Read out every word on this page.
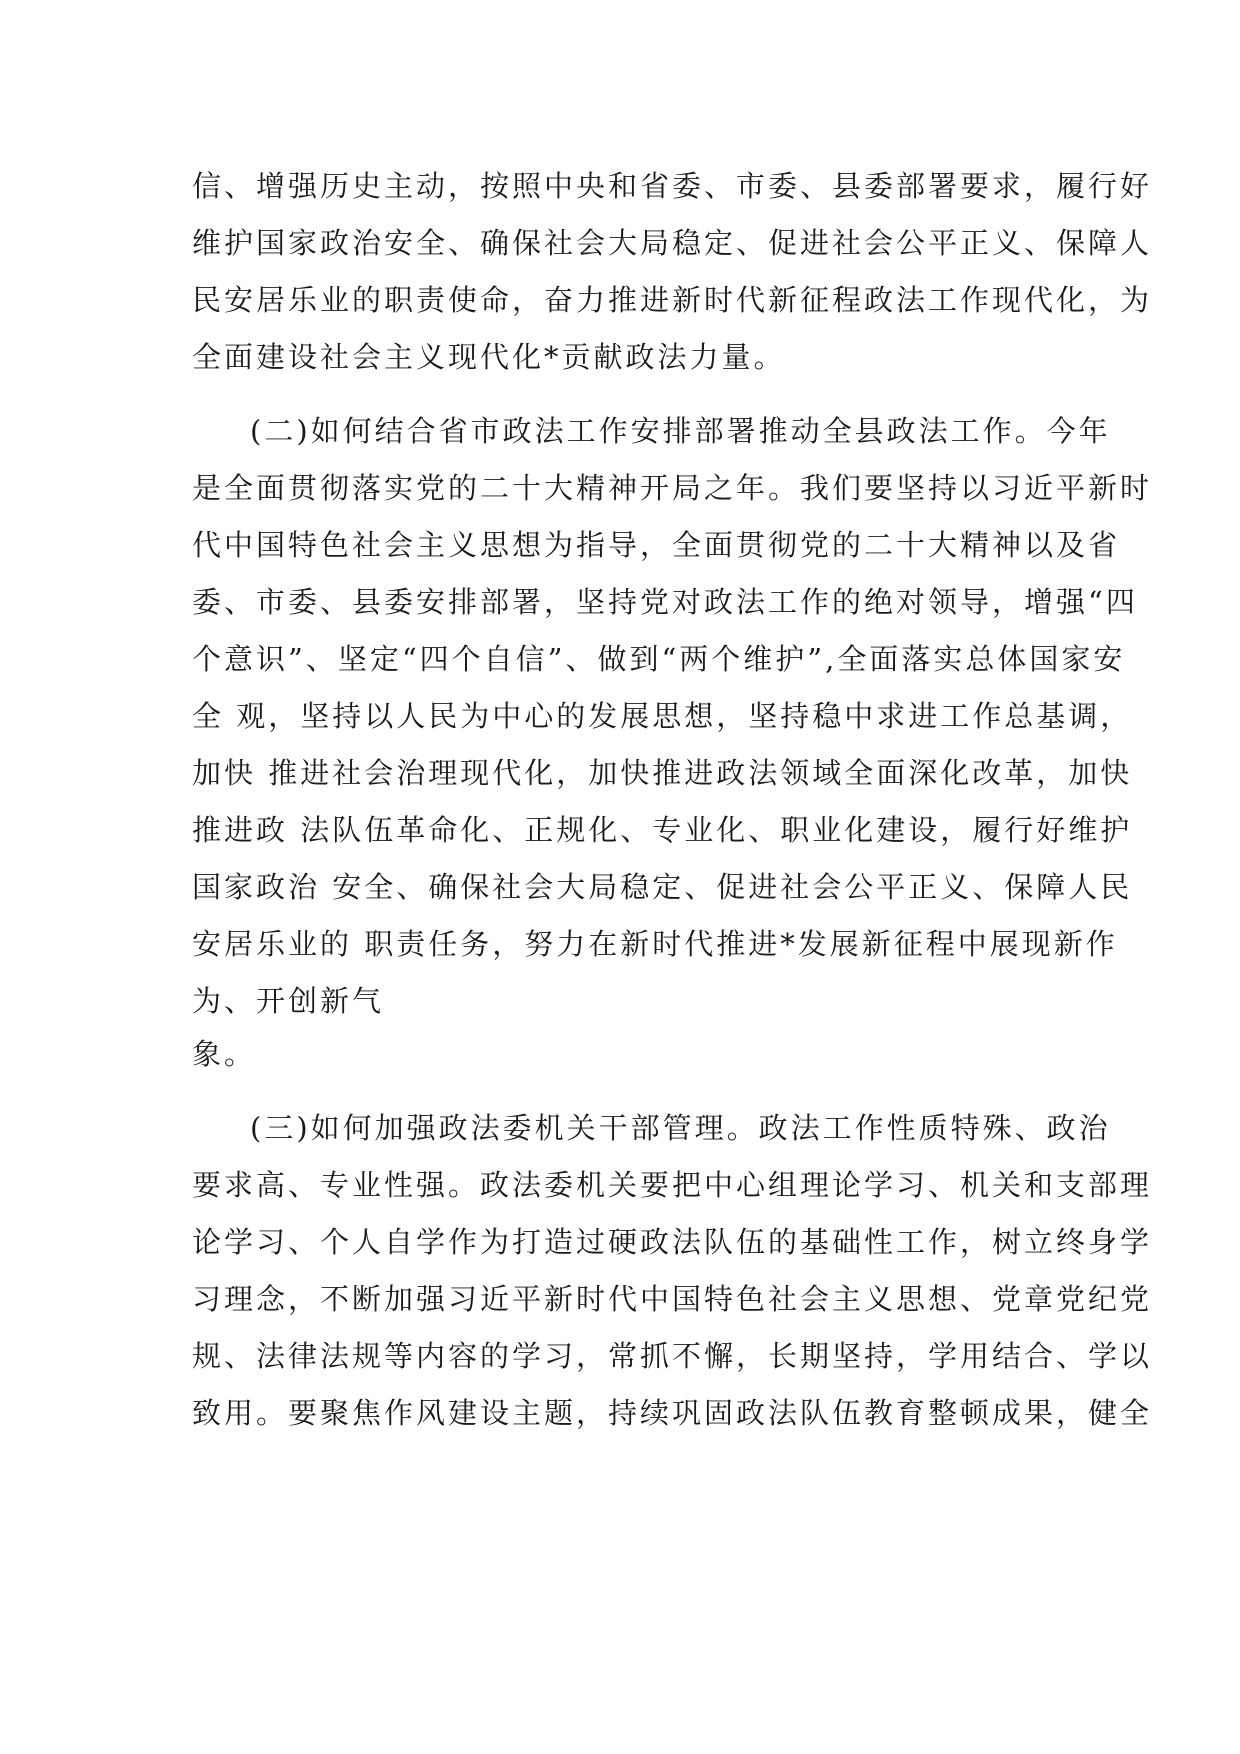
信、增强历史主动，按照中央和省委、市委、县委部署要求，履行好
维护国家政治安全、确保社会大局稳定、促进社会公平正义、保障人
民安居乐业的职责使命，奋力推进新时代新征程政法工作现代化，为
全面建设社会主义现代化*贡献政法力量。
(二)如何结合省市政法工作安排部署推动全县政法工作。今年
是全面贯彻落实党的二十大精神开局之年。我们要坚持以习近平新时
代中国特色社会主义思想为指导，全面贯彻党的二十大精神以及省
委、市委、县委安排部署，坚持党对政法工作的绝对领导，增强“四
个意识”、坚定“四个自信”、做到“两个维护”,全面落实总体国家安
全 观，坚持以人民为中心的发展思想，坚持稳中求进工作总基调，
加快 推进社会治理现代化，加快推进政法领域全面深化改革，加快
推进政 法队伍革命化、正规化、专业化、职业化建设，履行好维护
国家政治 安全、确保社会大局稳定、促进社会公平正义、保障人民
安居乐业的 职责任务，努力在新时代推进*发展新征程中展现新作
为、开创新气
象。
(三)如何加强政法委机关干部管理。政法工作性质特殊、政治
要求高、专业性强。政法委机关要把中心组理论学习、机关和支部理
论学习、个人自学作为打造过硬政法队伍的基础性工作，树立终身学
习理念，不断加强习近平新时代中国特色社会主义思想、党章党纪党
规、法律法规等内容的学习，常抓不懈，长期坚持，学用结合、学以
致用。要聚焦作风建设主题，持续巩固政法队伍教育整顿成果，健全
